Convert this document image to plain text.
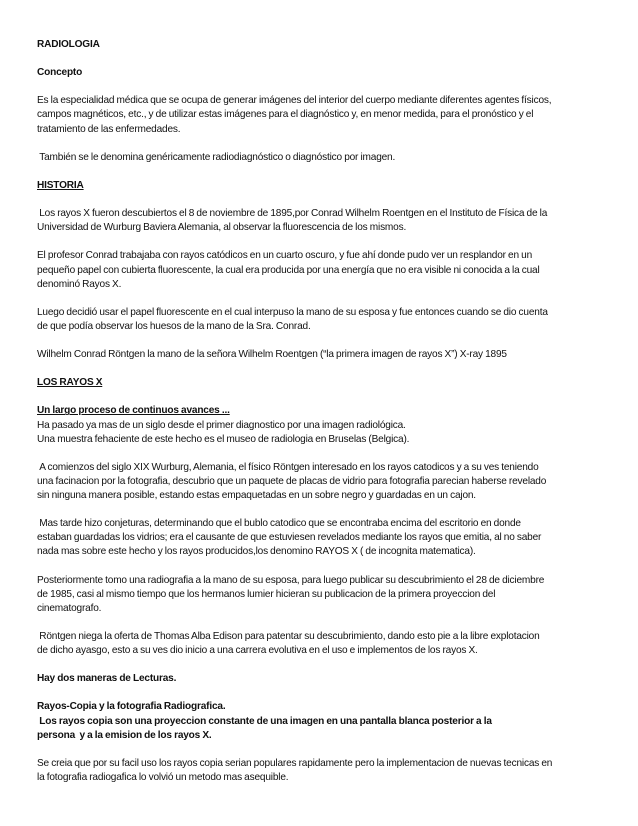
RADIOLOGIA

Concepto

Es la especialidad médica que se ocupa de generar imágenes del interior del cuerpo mediante diferentes agentes físicos,
campos magnéticos, etc., y de utilizar estas imágenes para el diagnóstico y, en menor medida, para el pronóstico y el
tratamiento de las enfermedades.

También se le denomina genéricamente radiodiagnóstico o diagnóstico por imagen.

HISTORIA

Los rayos X fueron descubiertos el 8 de noviembre de 1895,por Conrad Wilhelm Roentgen en el Instituto de Física de la
Universidad de Wurburg Baviera Alemania, al observar la fluorescencia de los mismos.

El profesor Conrad trabajaba con rayos catódicos en un cuarto oscuro, y fue ahí donde pudo ver un resplandor en un
pequeño papel con cubierta fluorescente, la cual era producida por una energía que no era visible ni conocida a la cual
denominó Rayos X.

Luego decidió usar el papel fluorescente en el cual interpuso la mano de su esposa y fue entonces cuando se dio cuenta
de que podía observar los huesos de la mano de la Sra. Conrad.

Wilhelm Conrad Röntgen la mano de la señora Wilhelm Roentgen (“la primera imagen de rayos X”) X-ray 1895

LOS RAYOS X

Un largo proceso de continuos avances ...

Ha pasado ya mas de un siglo desde el primer diagnostico por una imagen radiológica.
Una muestra fehaciente de este hecho es el museo de radiologia en Bruselas (Belgica).

A comienzos del siglo XIX Wurburg, Alemania, el físico Röntgen interesado en los rayos catodicos y a su ves teniendo
una facinacion por la fotografia, descubrio que un paquete de placas de vidrio para fotografia parecian haberse revelado
sin ninguna manera posible, estando estas empaquetadas en un sobre negro y guardadas en un cajon.

Mas tarde hizo conjeturas, determinando que el bublo catodico que se encontraba encima del escritorio en donde
estaban guardadas los vidrios; era el causante de que estuviesen revelados mediante los rayos que emitia, al no saber
nada mas sobre este hecho y los rayos producidos,los denomino RAYOS X ( de incognita matematica).

Posteriormente tomo una radiografia a la mano de su esposa, para luego publicar su descubrimiento el 28 de diciembre
de 1985, casi al mismo tiempo que los hermanos lumier hicieran su publicacion de la primera proyeccion del
cinematografo.

Röntgen niega la oferta de Thomas Alba Edison para patentar su descubrimiento, dando esto pie a la libre explotacion
de dicho ayasgo, esto a su ves dio inicio a una carrera evolutiva en el uso e implementos de los rayos X.

Hay dos maneras de Lecturas.

Rayos-Copia y la fotografia Radiografica.
Los rayos copia son una proyeccion constante de una imagen en una pantalla blanca posterior a la
persona  y a la emision de los rayos X.

Se creia que por su facil uso los rayos copia serian populares rapidamente pero la implementacion de nuevas tecnicas en
la fotografia radiogafica lo volvió un metodo mas asequible.
